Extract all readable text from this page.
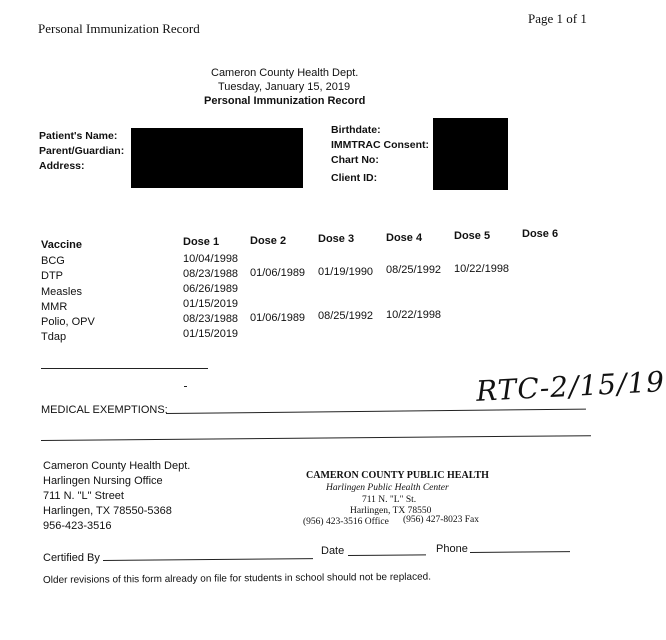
Personal Immunization Record
Page 1 of 1
Cameron County Health Dept.
Tuesday, January 15, 2019
Personal Immunization Record
Patient's Name:
Parent/Guardian:
Address:
Birthdate:
IMMTRAC Consent:
Chart No:
Client ID:
Vaccine	Dose 1	Dose 2	Dose 3	Dose 4	Dose 5	Dose 6
BCG	10/04/1998
DTP	08/23/1988 01/06/1989 01/19/1990 08/25/1992 10/22/1998
Measles	06/26/1989
MMR	01/15/2019
Polio, OPV	08/23/1988 01/06/1989 08/25/1992 10/22/1998
Tdap	01/15/2019
MEDICAL EXEMPTIONS:
RTC-2/15/19
Cameron County Health Dept.
Harlingen Nursing Office
711 N. "L" Street
Harlingen, TX 78550-5368
956-423-3516
CAMERON COUNTY PUBLIC HEALTH
Harlingen Public Health Center
711 N. "L" St.
Harlingen, TX 78550
(956) 423-3516 Office (956) 427-8023 Fax
Certified By
Date	Phone
Older revisions of this form already on file for students in school should not be replaced.
